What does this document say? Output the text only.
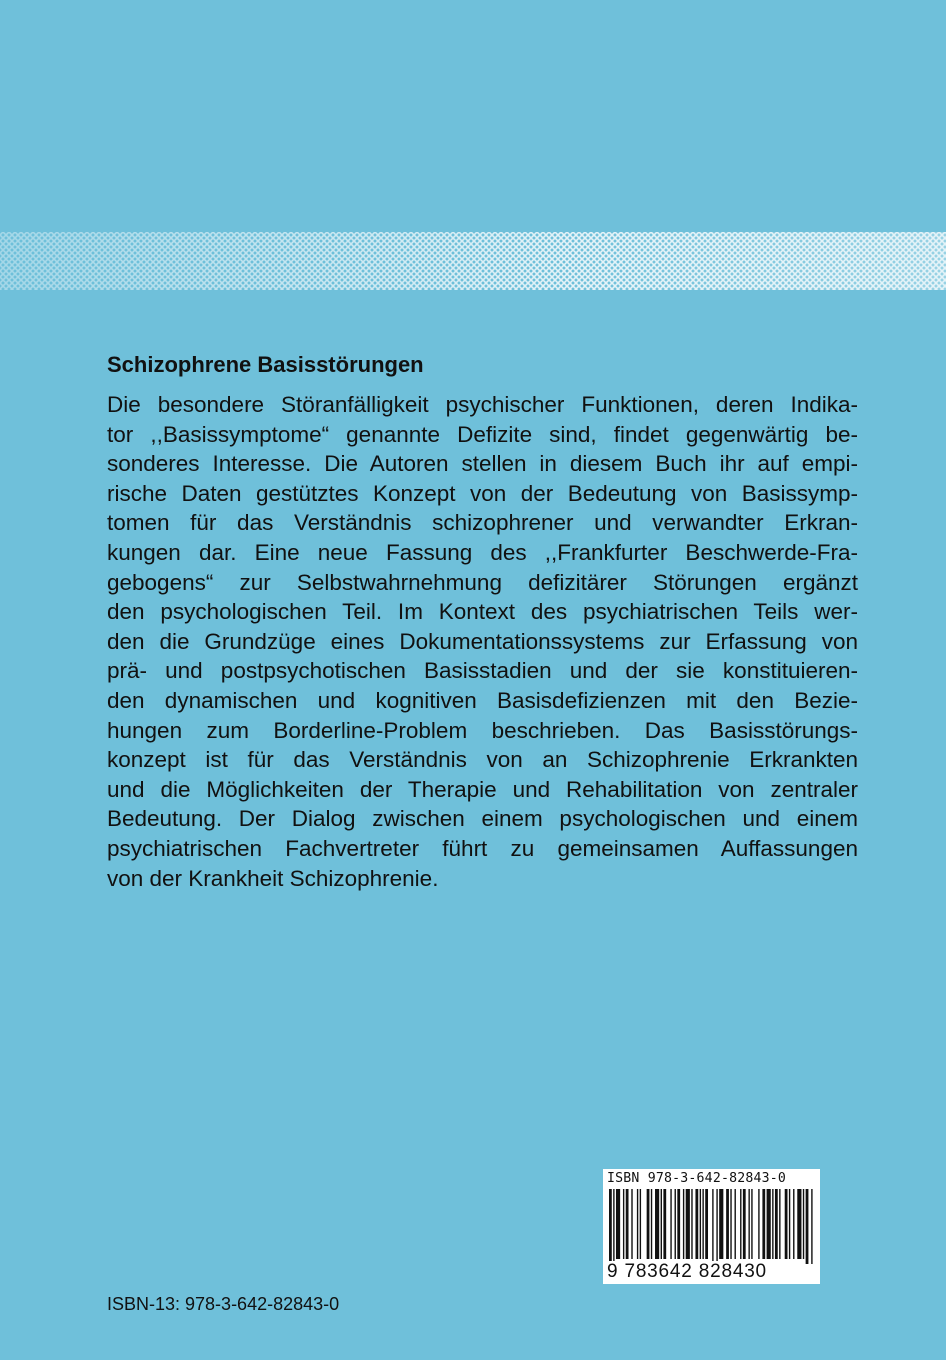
Schizophrene Basisstörungen

Die besondere Störanfälligkeit psychischer Funktionen, deren Indika-
tor ,,Basissymptome“ genannte Defizite sind, findet gegenwärtig be-
sonderes Interesse. Die Autoren stellen in diesem Buch ihr auf empi-
rische Daten gestütztes Konzept von der Bedeutung von Basissymp-
tomen für das Verständnis schizophrener und verwandter Erkran-
kungen dar. Eine neue Fassung des ,,Frankfurter Beschwerde-Fra-
gebogens“ zur Selbstwahrnehmung defizitärer Störungen ergänzt
den psychologischen Teil. Im Kontext des psychiatrischen Teils wer-
den die Grundzüge eines Dokumentationssystems zur Erfassung von
prä- und postpsychotischen Basisstadien und der sie konstituieren-
den dynamischen und kognitiven Basisdefizienzen mit den Bezie-
hungen zum Borderline-Problem beschrieben. Das Basisstörungs-
konzept ist für das Verständnis von an Schizophrenie Erkrankten
und die Möglichkeiten der Therapie und Rehabilitation von zentraler
Bedeutung. Der Dialog zwischen einem psychologischen und einem
psychiatrischen Fachvertreter führt zu gemeinsamen Auffassungen
von der Krankheit Schizophrenie.

ISBN 978-3-642-82843-0
9 783642 828430
ISBN-13: 978-3-642-82843-0
